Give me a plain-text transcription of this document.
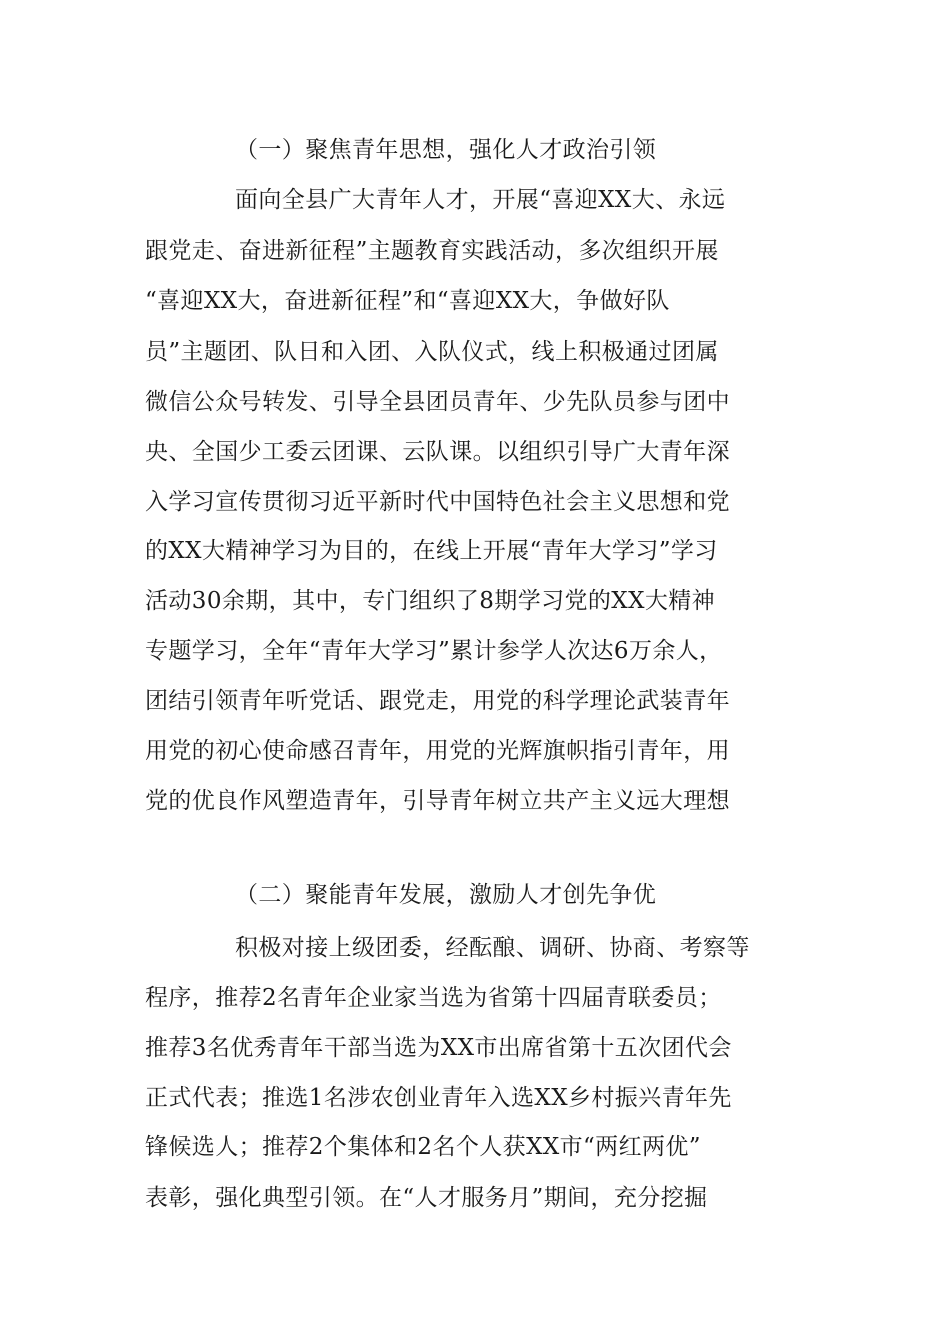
（一）聚焦青年思想，强化人才政治引领

面向全县广大青年人才，开展“喜迎XX大、永远

跟党走、奋进新征程”主题教育实践活动，多次组织开展

“喜迎XX大，奋进新征程”和“喜迎XX大，争做好队

员”主题团、队日和入团、入队仪式，线上积极通过团属

微信公众号转发、引导全县团员青年、少先队员参与团中

央、全国少工委云团课、云队课。以组织引导广大青年深

入学习宣传贯彻习近平新时代中国特色社会主义思想和党

的XX大精神学习为目的，在线上开展“青年大学习”学习

活动30余期，其中，专门组织了8期学习党的XX大精神

专题学习，全年“青年大学习”累计参学人次达6万余人，

团结引领青年听党话、跟党走，用党的科学理论武装青年

用党的初心使命感召青年，用党的光辉旗帜指引青年，用

党的优良作风塑造青年，引导青年树立共产主义远大理想

（二）聚能青年发展，激励人才创先争优

积极对接上级团委，经酝酿、调研、协商、考察等

程序，推荐2名青年企业家当选为省第十四届青联委员；

推荐3名优秀青年干部当选为XX市出席省第十五次团代会

正式代表；推选1名涉农创业青年入选XX乡村振兴青年先

锋候选人；推荐2个集体和2名个人获XX市“两红两优”

表彰，强化典型引领。在“人才服务月”期间，充分挖掘
